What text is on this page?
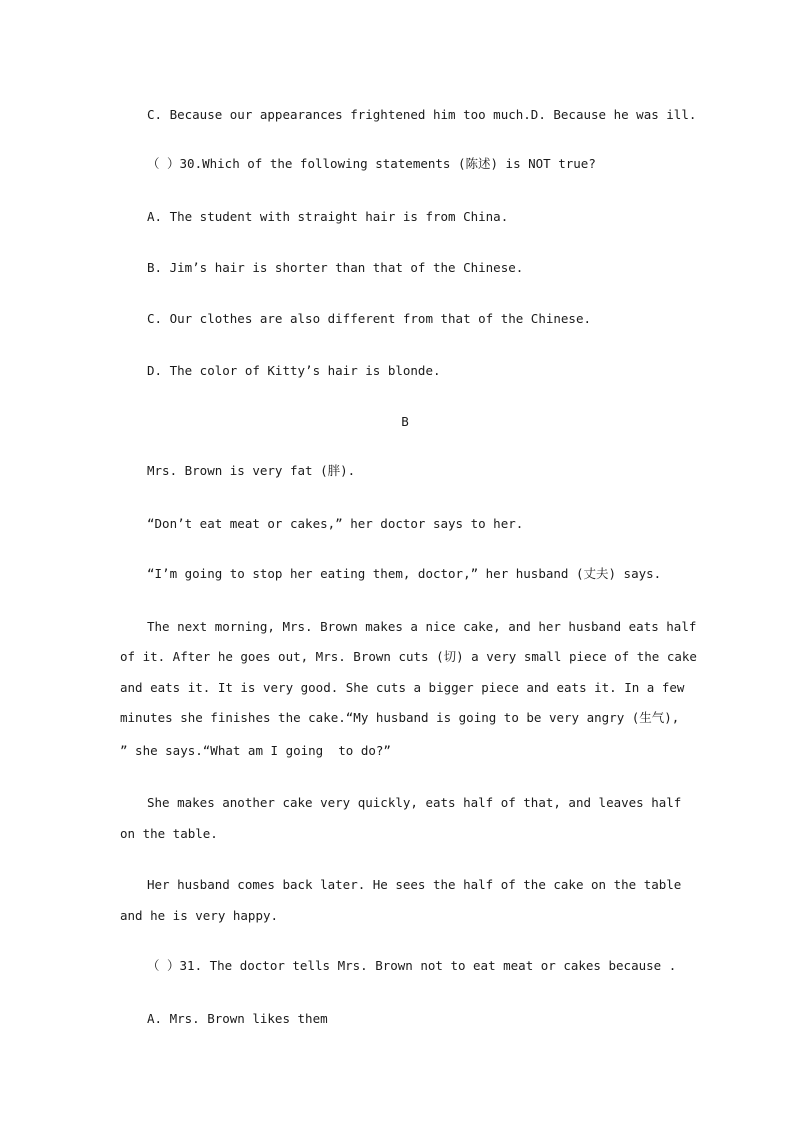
C. Because our appearances frightened him too much.D. Because he was ill.
（ ）30.Which of the following statements (陈述) is NOT true?
A. The student with straight hair is from China.
B. Jim’s hair is shorter than that of the Chinese.
C. Our clothes are also different from that of the Chinese.
D. The color of Kitty’s hair is blonde.
B
Mrs. Brown is very fat (胖).
“Don’t eat meat or cakes,” her doctor says to her.
“I’m going to stop her eating them, doctor,” her husband (丈夫) says.
The next morning, Mrs. Brown makes a nice cake, and her husband eats half
of it. After he goes out, Mrs. Brown cuts (切) a very small piece of the cake
and eats it. It is very good. She cuts a bigger piece and eats it. In a few
minutes she finishes the cake.“My husband is going to be very angry (生气),
” she says.“What am I going  to do?”
She makes another cake very quickly, eats half of that, and leaves half
on the table.
Her husband comes back later. He sees the half of the cake on the table
and he is very happy.
（ ）31. The doctor tells Mrs. Brown not to eat meat or cakes because .
A. Mrs. Brown likes them
